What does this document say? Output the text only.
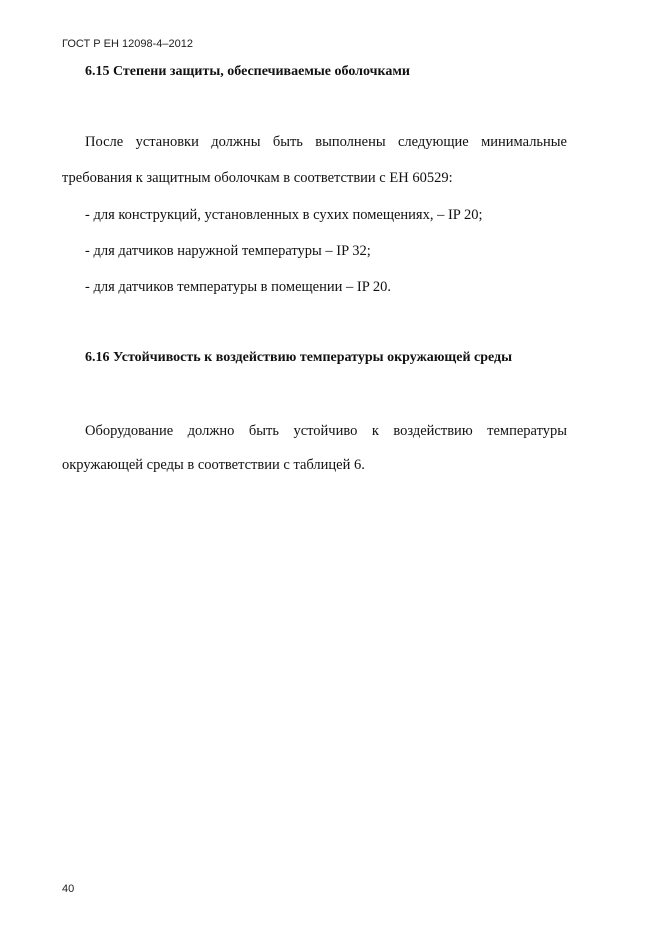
ГОСТ Р ЕН 12098-4–2012
6.15 Степени защиты, обеспечиваемые оболочками
После установки должны быть выполнены следующие минимальные
требования к защитным оболочкам в соответствии с ЕН 60529:
- для конструкций, установленных в сухих помещениях, – IP 20;
- для датчиков наружной температуры – IP 32;
- для датчиков температуры в помещении – IP 20.
6.16 Устойчивость к воздействию температуры окружающей среды
Оборудование должно быть устойчиво к воздействию температуры
окружающей среды в соответствии с таблицей 6.
40
